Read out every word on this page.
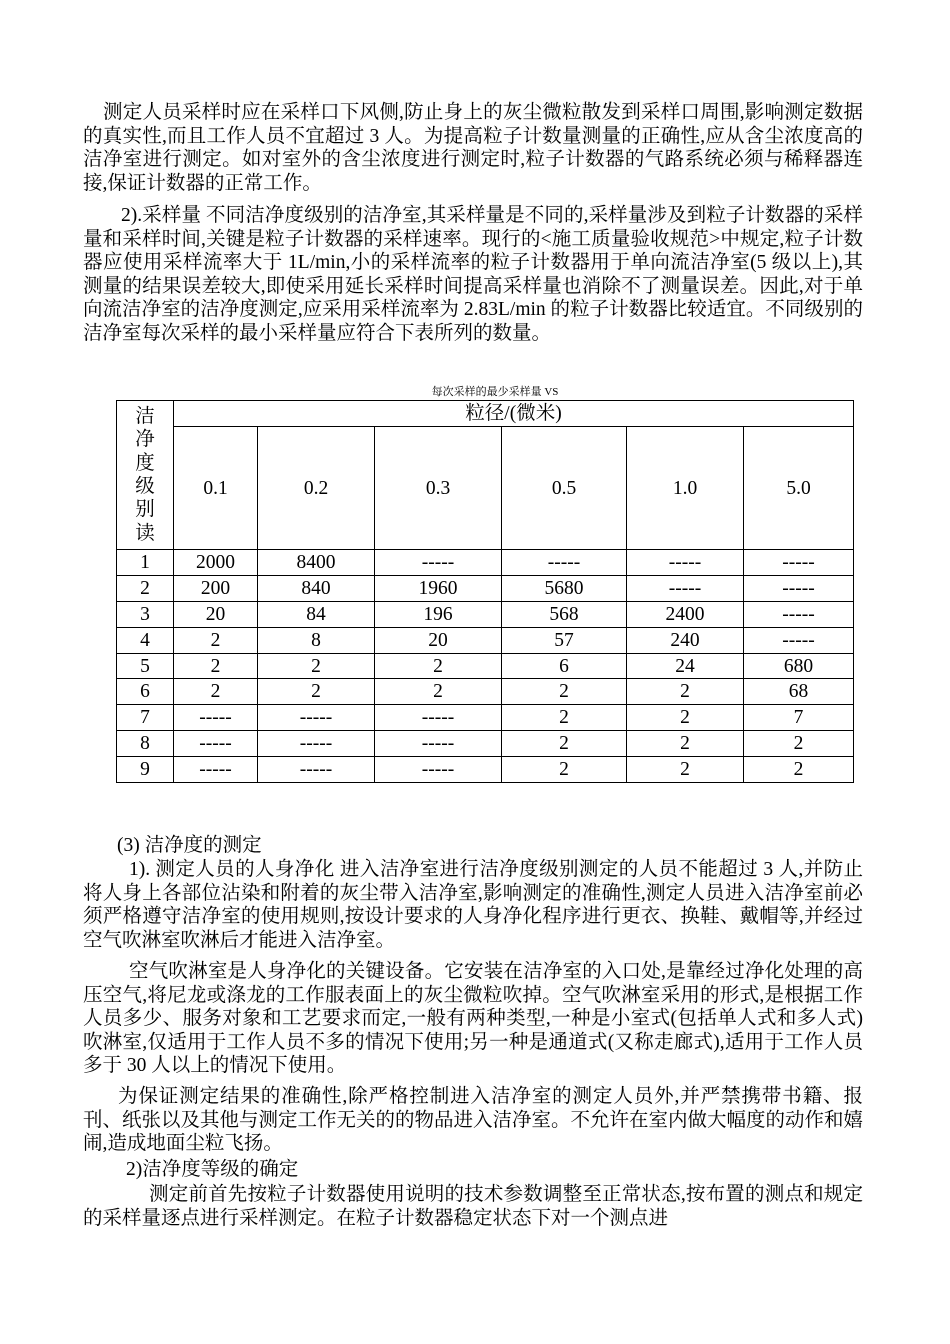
测定人员采样时应在采样口下风侧,防止身上的灰尘微粒散发到采样口周围,影响测定数据的真实性,而且工作人员不宜超过 3 人。为提高粒子计数量测量的正确性,应从含尘浓度高的洁净室进行测定。如对室外的含尘浓度进行测定时,粒子计数器的气路系统必须与稀释器连接,保证计数器的正常工作。

2).采样量 不同洁净度级别的洁净室,其采样量是不同的,采样量涉及到粒子计数器的采样量和采样时间,关键是粒子计数器的采样速率。现行的<施工质量验收规范>中规定,粒子计数器应使用采样流率大于 1L/min,小的采样流率的粒子计数器用于单向流洁净室(5 级以上),其测量的结果误差较大,即使采用延长采样时间提高采样量也消除不了测量误差。因此,对于单向流洁净室的洁净度测定,应采用采样流率为 2.83L/min 的粒子计数器比较适宜。不同级别的洁净室每次采样的最小采样量应符合下表所列的数量。

每次采样的最少采样量 VS
洁净度级别读	粒径/(微米)					
	0.1	0.2	0.3	0.5	1.0	5.0
1	2000	8400	-----	-----	-----	-----
2	200	840	1960	5680	-----	-----
3	20	84	196	568	2400	-----
4	2	8	20	57	240	-----
5	2	2	2	6	24	680
6	2	2	2	2	2	68
7	-----	-----	-----	2	2	7
8	-----	-----	-----	2	2	2
9	-----	-----	-----	2	2	2

(3) 洁净度的测定

1). 测定人员的人身净化 进入洁净室进行洁净度级别测定的人员不能超过 3 人,并防止将人身上各部位沾染和附着的灰尘带入洁净室,影响测定的准确性,测定人员进入洁净室前必须严格遵守洁净室的使用规则,按设计要求的人身净化程序进行更衣、换鞋、戴帽等,并经过空气吹淋室吹淋后才能进入洁净室。

空气吹淋室是人身净化的关键设备。它安装在洁净室的入口处,是靠经过净化处理的高压空气,将尼龙或涤龙的工作服表面上的灰尘微粒吹掉。空气吹淋室采用的形式,是根据工作人员多少、服务对象和工艺要求而定,一般有两种类型,一种是小室式(包括单人式和多人式)吹淋室,仅适用于工作人员不多的情况下使用;另一种是通道式(又称走廊式),适用于工作人员多于 30 人以上的情况下使用。

为保证测定结果的准确性,除严格控制进入洁净室的测定人员外,并严禁携带书籍、报刊、纸张以及其他与测定工作无关的的物品进入洁净室。不允许在室内做大幅度的动作和嬉闹,造成地面尘粒飞扬。

2)洁净度等级的确定

测定前首先按粒子计数器使用说明的技术参数调整至正常状态,按布置的测点和规定的采样量逐点进行采样测定。在粒子计数器稳定状态下对一个测点进
